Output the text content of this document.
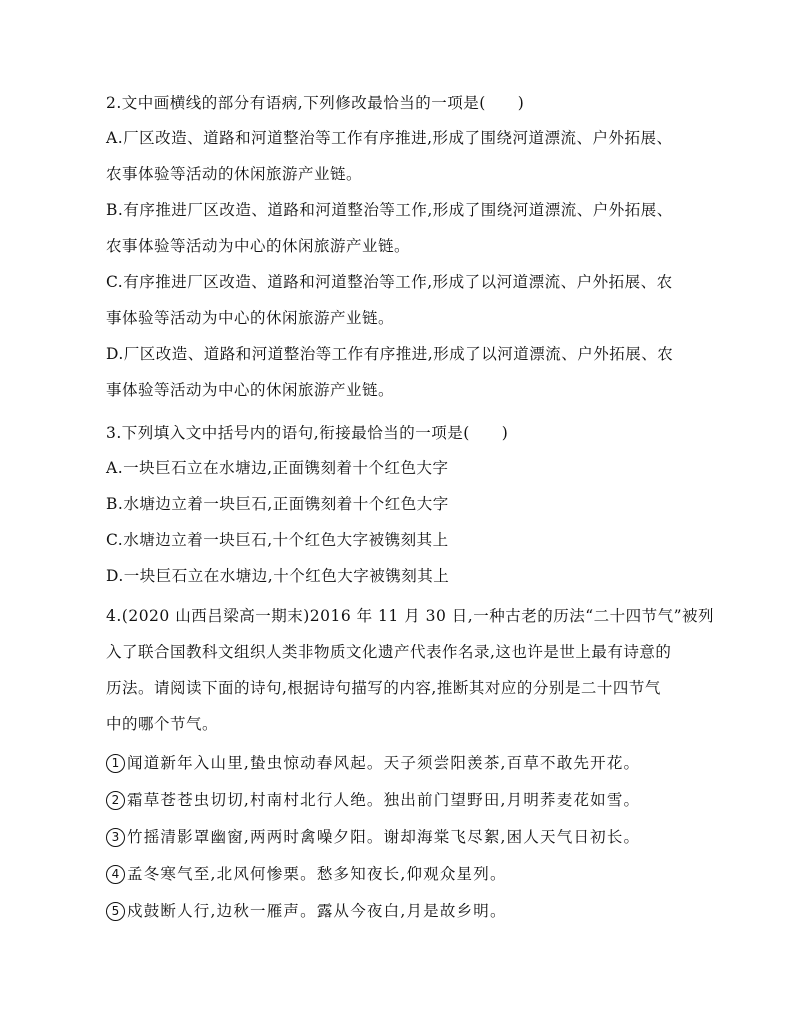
2.文中画横线的部分有语病,下列修改最恰当的一项是(　　)
A.厂区改造、道路和河道整治等工作有序推进,形成了围绕河道漂流、户外拓展、
农事体验等活动的休闲旅游产业链。
B.有序推进厂区改造、道路和河道整治等工作,形成了围绕河道漂流、户外拓展、
农事体验等活动为中心的休闲旅游产业链。
C.有序推进厂区改造、道路和河道整治等工作,形成了以河道漂流、户外拓展、农
事体验等活动为中心的休闲旅游产业链。
D.厂区改造、道路和河道整治等工作有序推进,形成了以河道漂流、户外拓展、农
事体验等活动为中心的休闲旅游产业链。
3.下列填入文中括号内的语句,衔接最恰当的一项是(　　)
A.一块巨石立在水塘边,正面镌刻着十个红色大字
B.水塘边立着一块巨石,正面镌刻着十个红色大字
C.水塘边立着一块巨石,十个红色大字被镌刻其上
D.一块巨石立在水塘边,十个红色大字被镌刻其上
4.(2020 山西吕梁高一期末)2016 年 11 月 30 日,一种古老的历法“二十四节气”被列
入了联合国教科文组织人类非物质文化遗产代表作名录,这也许是世上最有诗意的
历法。请阅读下面的诗句,根据诗句描写的内容,推断其对应的分别是二十四节气
中的哪个节气。
1 闻道新年入山里,蛰虫惊动春风起。天子须尝阳羡茶,百草不敢先开花。
2 霜草苍苍虫切切,村南村北行人绝。独出前门望野田,月明荞麦花如雪。
3 竹摇清影罩幽窗,两两时禽噪夕阳。谢却海棠飞尽絮,困人天气日初长。
4 孟冬寒气至,北风何惨栗。愁多知夜长,仰观众星列。
5 戍鼓断人行,边秋一雁声。露从今夜白,月是故乡明。
